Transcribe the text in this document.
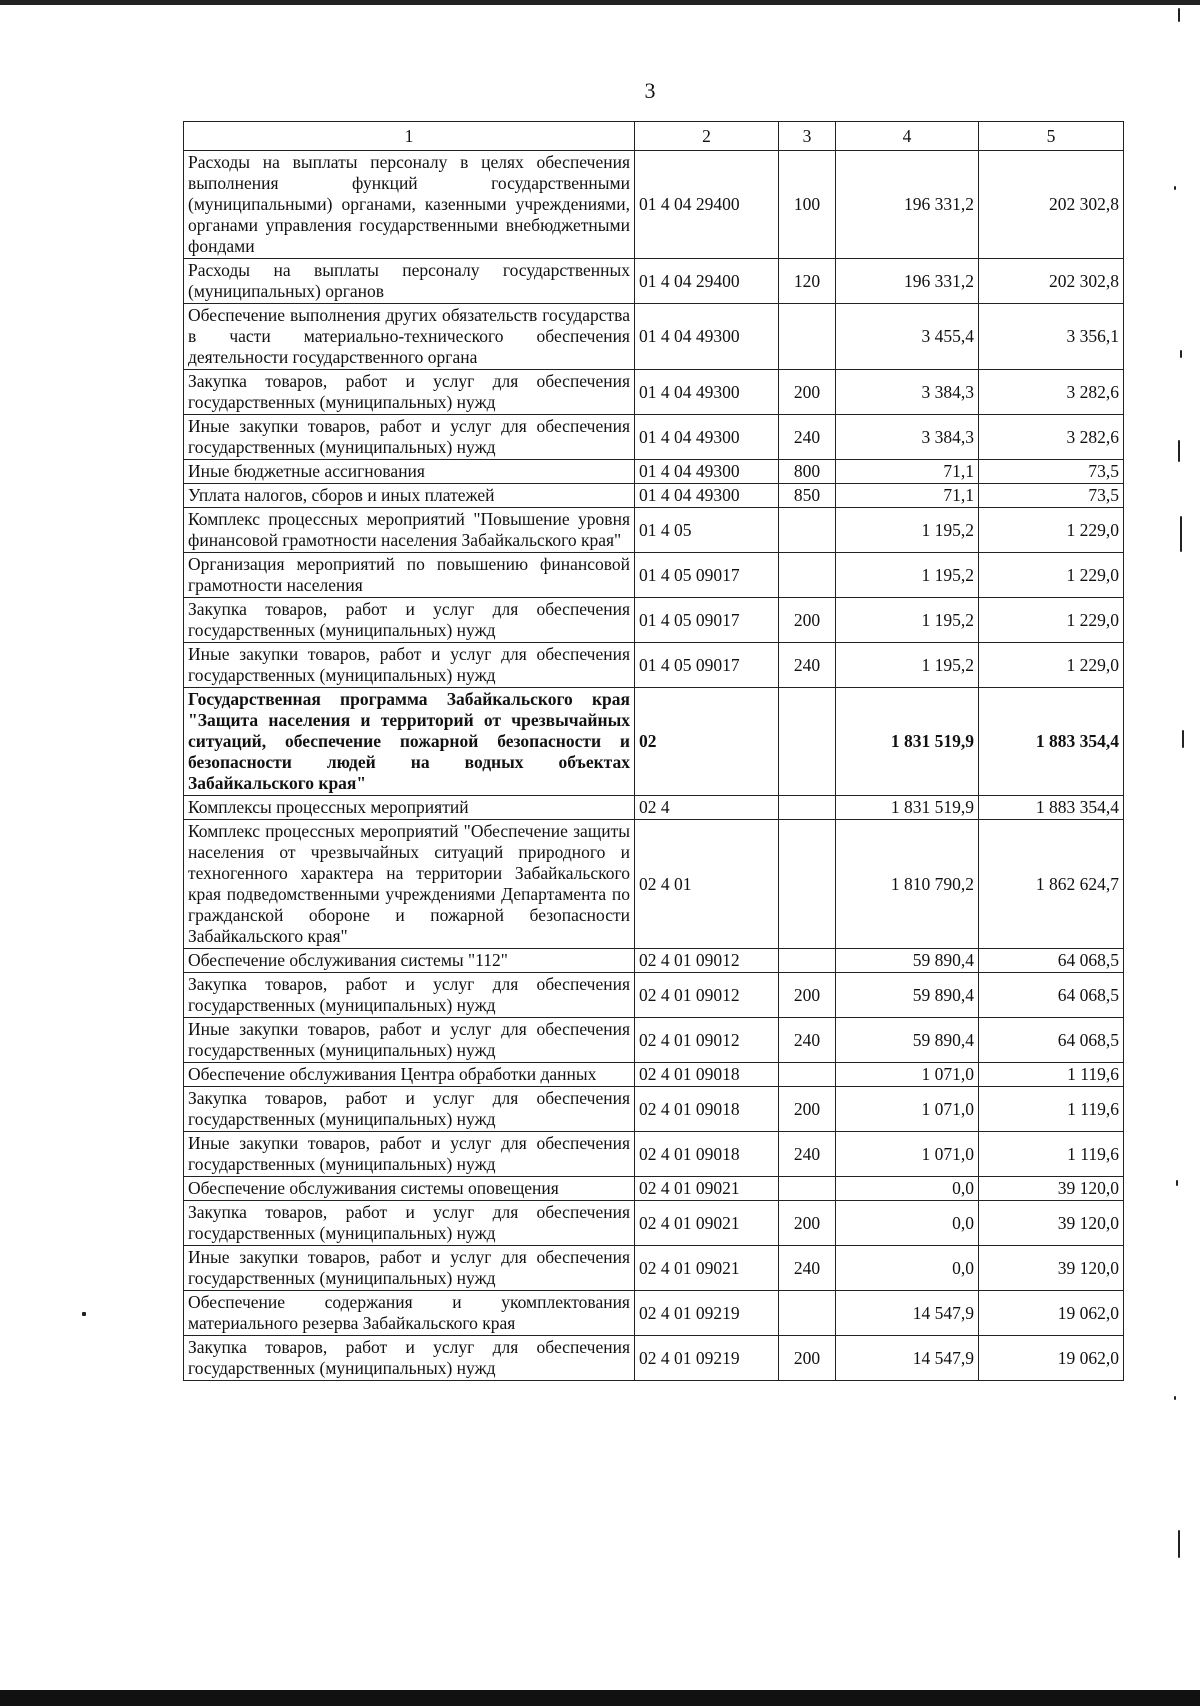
3
1	2	3	4	5
Расходы на выплаты персоналу в целях обеспечения выполнения функций государственными (муниципальными) органами, казенными учреждениями, органами управления государственными внебюджетными фондами	01 4 04 29400	100	196 331,2	202 302,8
Расходы на выплаты персоналу государственных (муниципальных) органов	01 4 04 29400	120	196 331,2	202 302,8
Обеспечение выполнения других обязательств государства в части материально-технического обеспечения деятельности государственного органа	01 4 04 49300		3 455,4	3 356,1
Закупка товаров, работ и услуг для обеспечения государственных (муниципальных) нужд	01 4 04 49300	200	3 384,3	3 282,6
Иные закупки товаров, работ и услуг для обеспечения государственных (муниципальных) нужд	01 4 04 49300	240	3 384,3	3 282,6
Иные бюджетные ассигнования	01 4 04 49300	800	71,1	73,5
Уплата налогов, сборов и иных платежей	01 4 04 49300	850	71,1	73,5
Комплекс процессных мероприятий "Повышение уровня финансовой грамотности населения Забайкальского края"	01 4 05		1 195,2	1 229,0
Организация мероприятий по повышению финансовой грамотности населения	01 4 05 09017		1 195,2	1 229,0
Закупка товаров, работ и услуг для обеспечения государственных (муниципальных) нужд	01 4 05 09017	200	1 195,2	1 229,0
Иные закупки товаров, работ и услуг для обеспечения государственных (муниципальных) нужд	01 4 05 09017	240	1 195,2	1 229,0
Государственная программа Забайкальского края "Защита населения и территорий от чрезвычайных ситуаций, обеспечение пожарной безопасности и безопасности людей на водных объектах Забайкальского края"	02		1 831 519,9	1 883 354,4
Комплексы процессных мероприятий	02 4		1 831 519,9	1 883 354,4
Комплекс процессных мероприятий "Обеспечение защиты населения от чрезвычайных ситуаций природного и техногенного характера на территории Забайкальского края подведомственными учреждениями Департамента по гражданской обороне и пожарной безопасности Забайкальского края"	02 4 01		1 810 790,2	1 862 624,7
Обеспечение обслуживания системы "112"	02 4 01 09012		59 890,4	64 068,5
Закупка товаров, работ и услуг для обеспечения государственных (муниципальных) нужд	02 4 01 09012	200	59 890,4	64 068,5
Иные закупки товаров, работ и услуг для обеспечения государственных (муниципальных) нужд	02 4 01 09012	240	59 890,4	64 068,5
Обеспечение обслуживания Центра обработки данных	02 4 01 09018		1 071,0	1 119,6
Закупка товаров, работ и услуг для обеспечения государственных (муниципальных) нужд	02 4 01 09018	200	1 071,0	1 119,6
Иные закупки товаров, работ и услуг для обеспечения государственных (муниципальных) нужд	02 4 01 09018	240	1 071,0	1 119,6
Обеспечение обслуживания системы оповещения	02 4 01 09021		0,0	39 120,0
Закупка товаров, работ и услуг для обеспечения государственных (муниципальных) нужд	02 4 01 09021	200	0,0	39 120,0
Иные закупки товаров, работ и услуг для обеспечения государственных (муниципальных) нужд	02 4 01 09021	240	0,0	39 120,0
Обеспечение содержания и укомплектования материального резерва Забайкальского края	02 4 01 09219		14 547,9	19 062,0
Закупка товаров, работ и услуг для обеспечения государственных (муниципальных) нужд	02 4 01 09219	200	14 547,9	19 062,0
